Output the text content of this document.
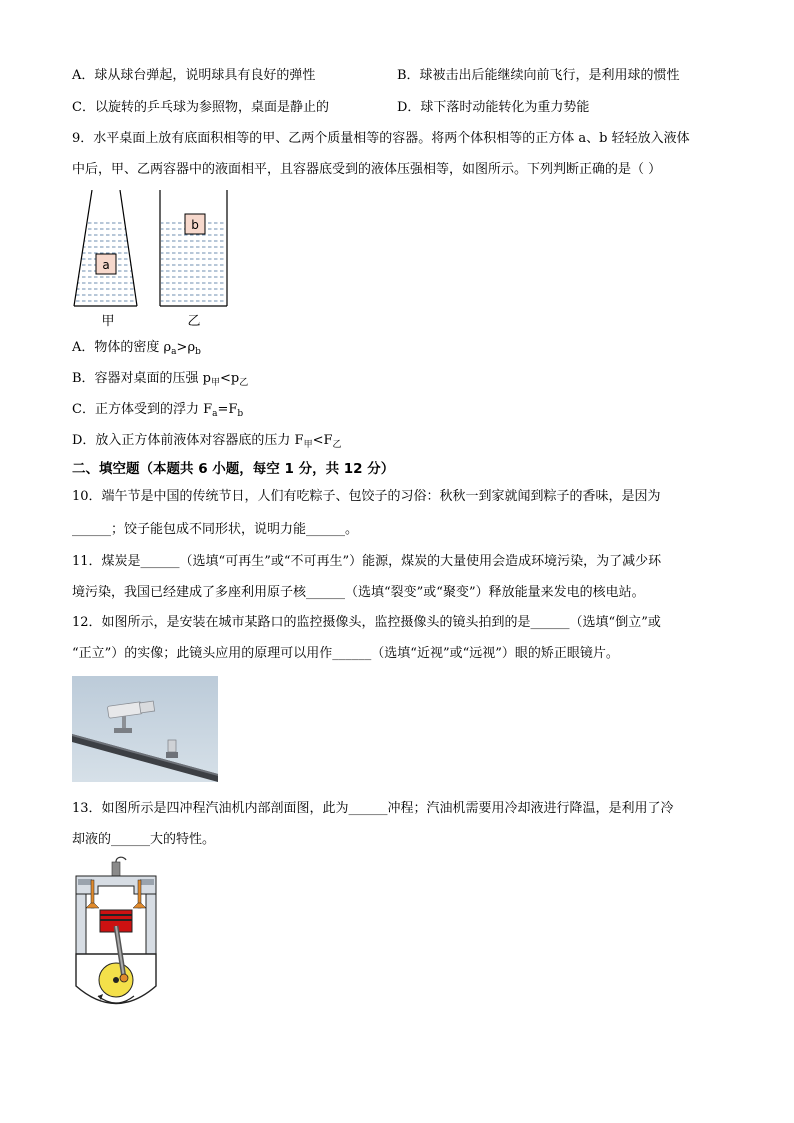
A．球从球台弹起，说明球具有良好的弹性	B．球被击出后能继续向前飞行，是利用球的惯性
C．以旋转的乒乓球为参照物，桌面是静止的	D．球下落时动能转化为重力势能
9．水平桌面上放有底面积相等的甲、乙两个质量相等的容器。将两个体积相等的正方体 a、b 轻轻放入液体
中后，甲、乙两容器中的液面相平，且容器底受到的液体压强相等，如图所示。下列判断正确的是（ ）
a
b
甲	乙
A．物体的密度 $\rho_a>\rho_b$
B．容器对桌面的压强 $p_甲<p_乙$
C．正方体受到的浮力 $F_a=F_b$
D．放入正方体前液体对容器底的压力 $F_甲<F_乙$
二、填空题（本题共 6 小题，每空 1 分，共 12 分）
10．端午节是中国的传统节日，人们有吃粽子、包饺子的习俗：秋秋一到家就闻到粽子的香味，是因为
______；饺子能包成不同形状，说明力能______。
11．煤炭是______（选填“可再生”或“不可再生”）能源，煤炭的大量使用会造成环境污染，为了减少环
境污染，我国已经建成了多座利用原子核______（选填“裂变”或“聚变”）释放能量来发电的核电站。
12．如图所示，是安装在城市某路口的监控摄像头，监控摄像头的镜头拍到的是______（选填“倒立”或
“正立”）的实像；此镜头应用的原理可以用作______（选填“近视”或“远视”）眼的矫正眼镜片。
13．如图所示是四冲程汽油机内部剖面图，此为______冲程；汽油机需要用冷却液进行降温，是利用了冷
却液的______大的特性。
